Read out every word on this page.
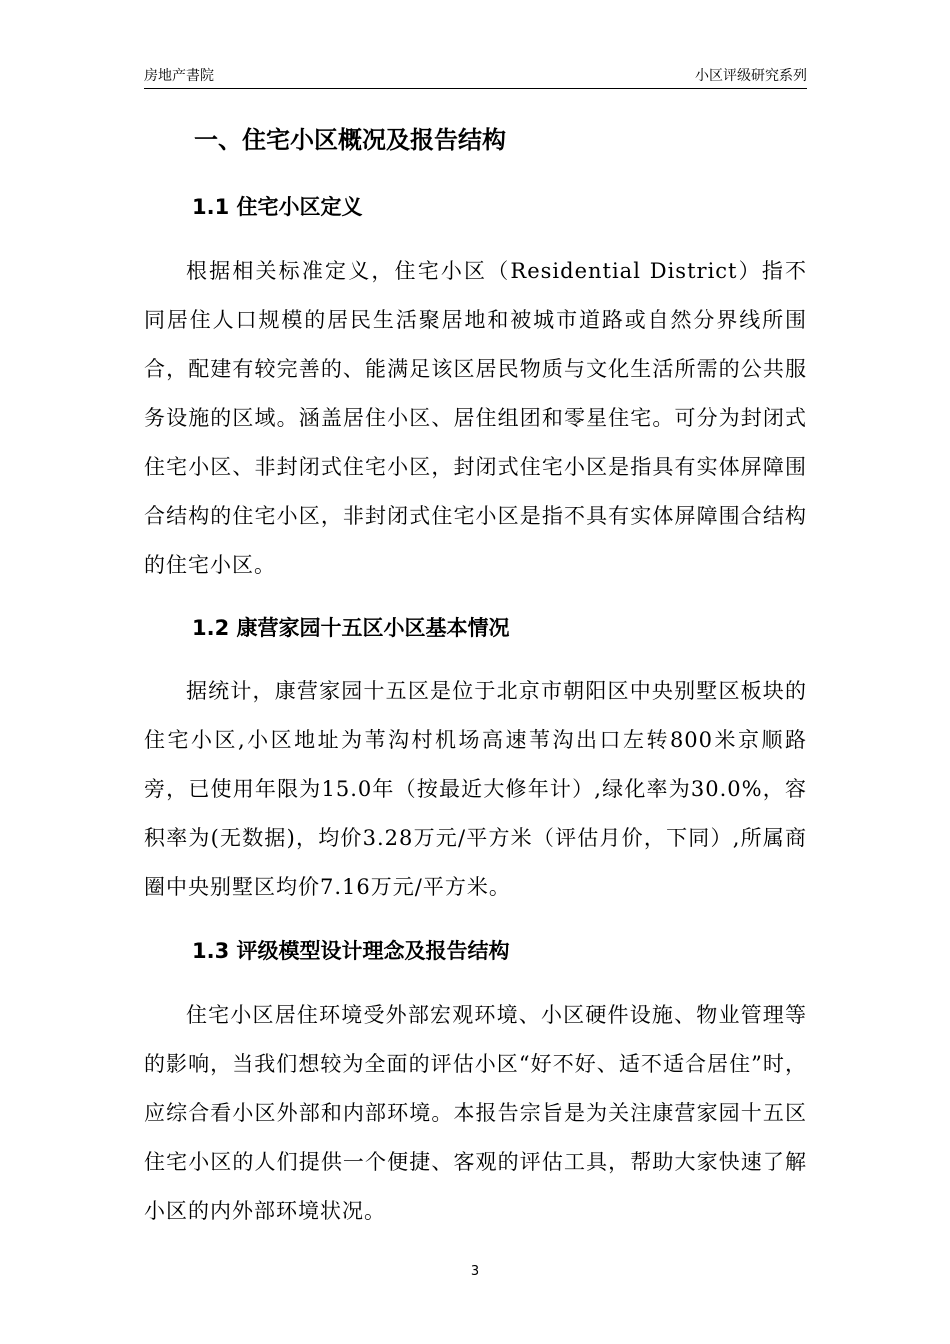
房地产書院	小区评级研究系列
一、住宅小区概况及报告结构
1.1 住宅小区定义

根据相关标准定义，住宅小区（Residential District）指不同居住人口规模的居民生活聚居地和被城市道路或自然分界线所围合，配建有较完善的、能满足该区居民物质与文化生活所需的公共服务设施的区域。涵盖居住小区、居住组团和零星住宅。可分为封闭式住宅小区、非封闭式住宅小区，封闭式住宅小区是指具有实体屏障围合结构的住宅小区，非封闭式住宅小区是指不具有实体屏障围合结构的住宅小区。

1.2 康营家园十五区小区基本情况

据统计，康营家园十五区是位于北京市朝阳区中央别墅区板块的住宅小区,小区地址为苇沟村机场高速苇沟出口左转800米京顺路旁，已使用年限为15.0年（按最近大修年计）,绿化率为30.0%，容积率为(无数据)，均价3.28万元/平方米（评估月价，下同）,所属商圈中央别墅区均价7.16万元/平方米。

1.3 评级模型设计理念及报告结构

住宅小区居住环境受外部宏观环境、小区硬件设施、物业管理等的影响，当我们想较为全面的评估小区“好不好、适不适合居住”时，应综合看小区外部和内部环境。本报告宗旨是为关注康营家园十五区住宅小区的人们提供一个便捷、客观的评估工具，帮助大家快速了解小区的内外部环境状况。

3
